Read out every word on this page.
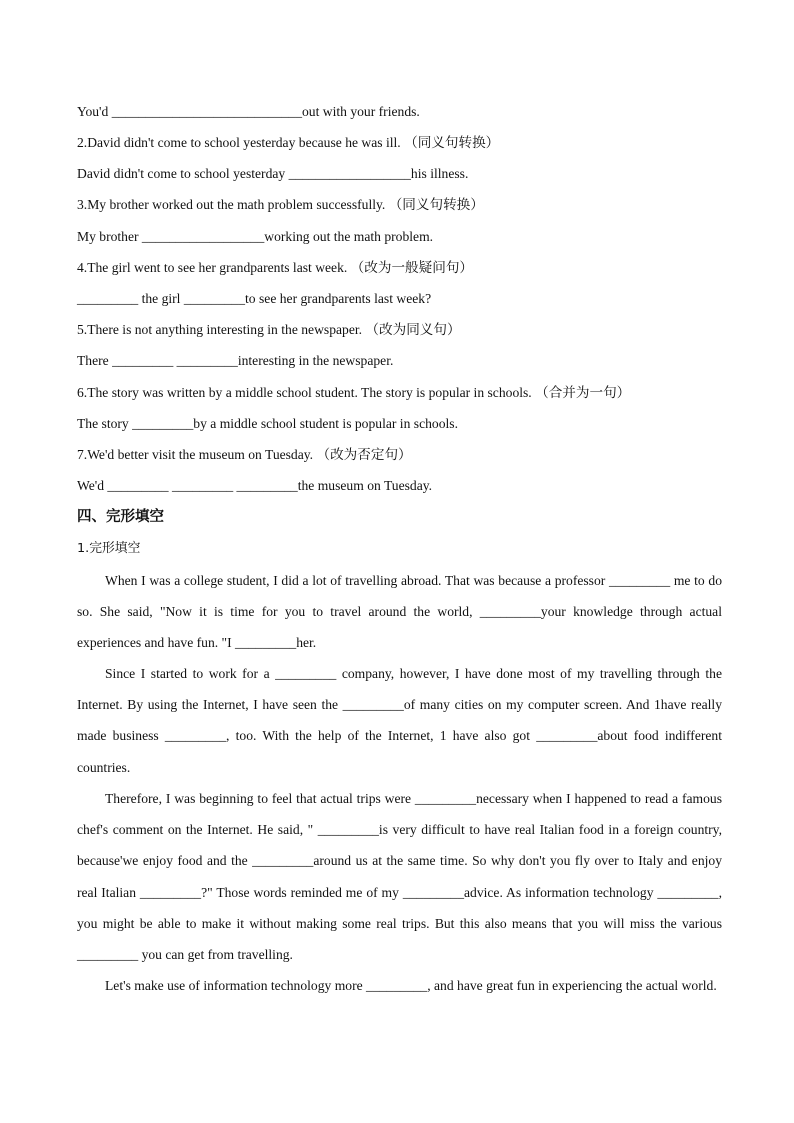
You'd ____________________________out with your friends.
2.David didn't come to school yesterday because he was ill. （同义句转换）
David didn't come to school yesterday __________________his illness.
3.My brother worked out the math problem successfully. （同义句转换）
My brother __________________working out the math problem.
4.The girl went to see her grandparents last week. （改为一般疑问句）
_________ the girl _________to see her grandparents last week?
5.There is not anything interesting in the newspaper. （改为同义句）
There _________ _________interesting in the newspaper.
6.The story was written by a middle school student. The story is popular in schools. （合并为一句）
The story _________by a middle school student is popular in schools.
7.We'd better visit the museum on Tuesday. （改为否定句）
We'd _________ _________ _________the museum on Tuesday.
四、完形填空
1.完形填空
When I was a college student, I did a lot of travelling abroad. That was because a professor _________ me to do so. She said, "Now it is time for you to travel around the world, _________your knowledge through actual experiences and have fun. "I _________her.
Since I started to work for a _________ company, however, I have done most of my travelling through the Internet. By using the Internet, I have seen the _________of many cities on my computer screen. And 1have really made business _________, too. With the help of the Internet, 1 have also got _________about food indifferent countries.
Therefore, I was beginning to feel that actual trips were _________necessary when I happened to read a famous chef's comment on the Internet. He said, " _________is very difficult to have real Italian food in a foreign country, because'we enjoy food and the _________around us at the same time. So why don't you fly over to Italy and enjoy real Italian _________?" Those words reminded me of my _________advice. As information technology _________, you might be able to make it without making some real trips. But this also means that you will miss the various _________ you can get from travelling.
Let's make use of information technology more _________, and have great fun in experiencing the actual world.
